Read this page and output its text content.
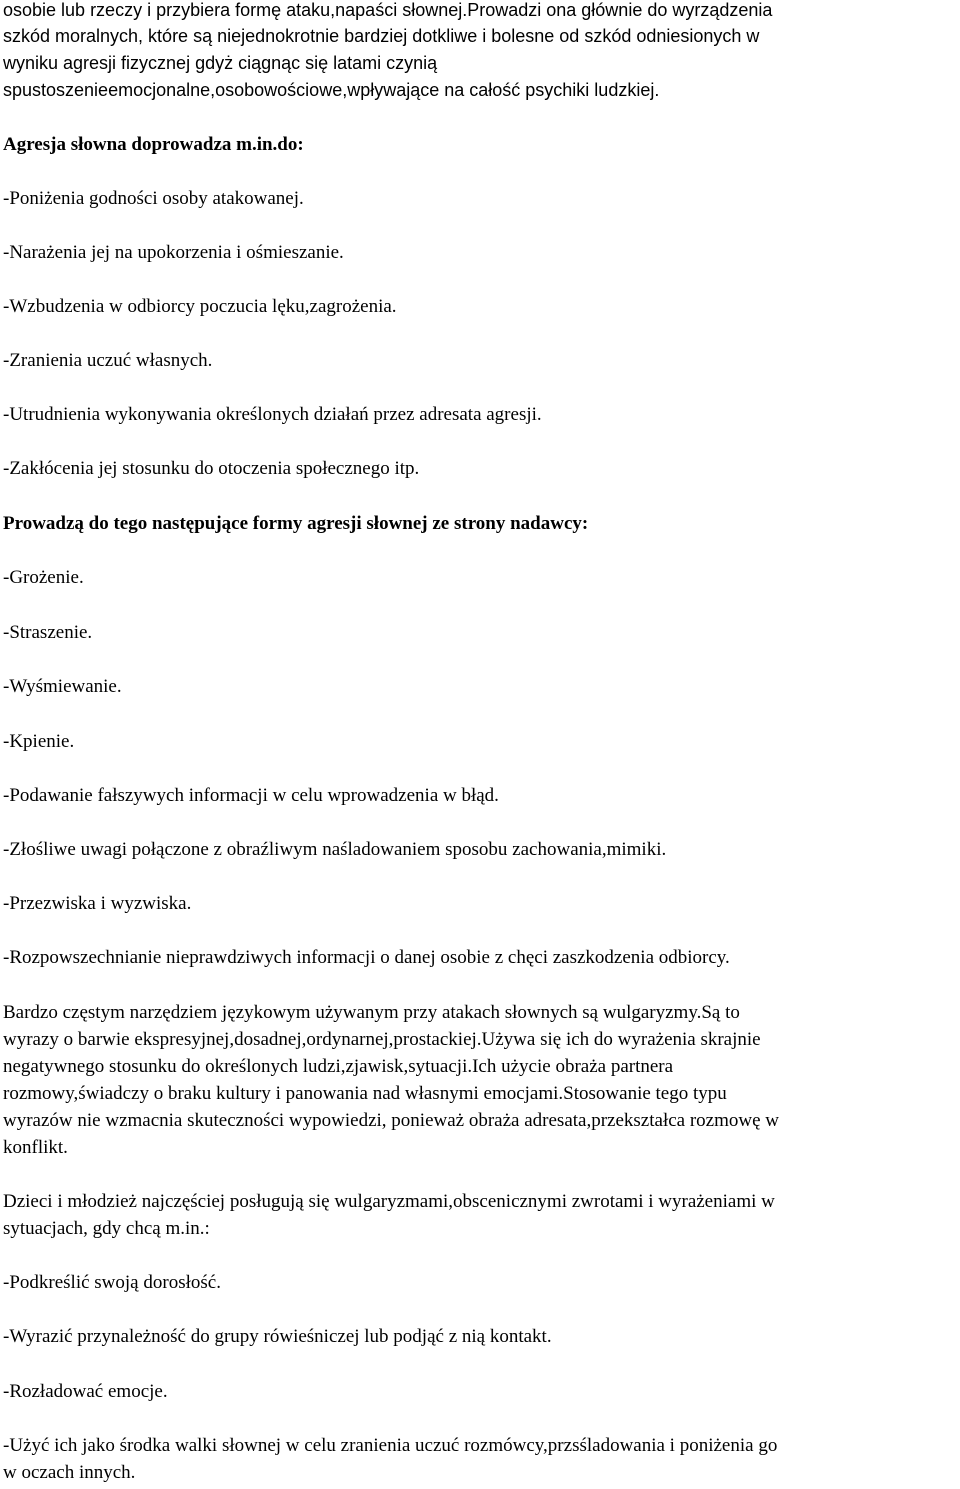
osobie lub rzeczy i przybiera formę ataku,napaści słownej.Prowadzi ona głównie do wyrządzenia

szkód moralnych, które są niejednokrotnie bardziej dotkliwe i bolesne od szkód odniesionych w

wyniku agresji fizycznej gdyż ciągnąc się latami czynią

spustoszenieemocjonalne,osobowościowe,wpływające na całość psychiki ludzkiej.

Agresja słowna doprowadza m.in.do:

-Poniżenia godności osoby atakowanej.

-Narażenia jej na upokorzenia i ośmieszanie.

-Wzbudzenia w odbiorcy poczucia lęku,zagrożenia.

-Zranienia uczuć własnych.

-Utrudnienia wykonywania określonych działań przez adresata agresji.

-Zakłócenia jej stosunku do otoczenia społecznego itp.

Prowadzą do tego następujące formy agresji słownej ze strony nadawcy:

-Grożenie.

-Straszenie.

-Wyśmiewanie.

-Kpienie.

-Podawanie fałszywych informacji w celu wprowadzenia w błąd.

-Złośliwe uwagi połączone z obraźliwym naśladowaniem sposobu zachowania,mimiki.

-Przezwiska i wyzwiska.

-Rozpowszechnianie nieprawdziwych informacji o danej osobie z chęci zaszkodzenia odbiorcy.

Bardzo częstym narzędziem językowym używanym przy atakach słownych są wulgaryzmy.Są to

wyrazy o barwie ekspresyjnej,dosadnej,ordynarnej,prostackiej.Używa się ich do wyrażenia skrajnie

negatywnego stosunku do określonych ludzi,zjawisk,sytuacji.Ich użycie obraża partnera

rozmowy,świadczy o braku kultury i panowania nad własnymi emocjami.Stosowanie tego typu

wyrazów nie wzmacnia skuteczności wypowiedzi, ponieważ obraża adresata,przekształca rozmowę w

konflikt.

Dzieci i młodzież najczęściej posługują się wulgaryzmami,obscenicznymi zwrotami i wyrażeniami w

sytuacjach, gdy chcą m.in.:

-Podkreślić swoją dorosłość.

-Wyrazić przynależność do grupy rówieśniczej lub podjąć z nią kontakt.

-Rozładować emocje.

-Użyć ich jako środka walki słownej w celu zranienia uczuć rozmówcy,przsśladowania i poniżenia go

w oczach innych.
